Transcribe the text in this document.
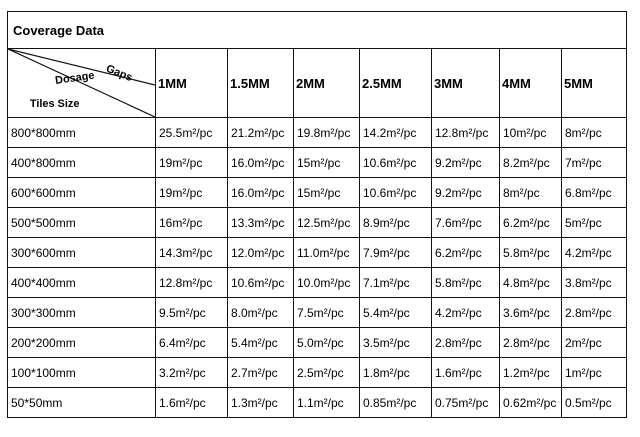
Coverage Data							

Gaps
Dosage
Tiles Size	1MM	1.5MM	2MM	2.5MM	3MM	4MM	5MM
800*800mm	25.5m²/pc	21.2m²/pc	19.8m²/pc	14.2m²/pc	12.8m²/pc	10m²/pc	8m²/pc
400*800mm	19m²/pc	16.0m²/pc	15m²/pc	10.6m²/pc	9.2m²/pc	8.2m²/pc	7m²/pc
600*600mm	19m²/pc	16.0m²/pc	15m²/pc	10.6m²/pc	9.2m²/pc	8m²/pc	6.8m²/pc
500*500mm	16m²/pc	13.3m²/pc	12.5m²/pc	8.9m²/pc	7.6m²/pc	6.2m²/pc	5m²/pc
300*600mm	14.3m²/pc	12.0m²/pc	11.0m²/pc	7.9m²/pc	6.2m²/pc	5.8m²/pc	4.2m²/pc
400*400mm	12.8m²/pc	10.6m²/pc	10.0m²/pc	7.1m²/pc	5.8m²/pc	4.8m²/pc	3.8m²/pc
300*300mm	9.5m²/pc	8.0m²/pc	7.5m²/pc	5.4m²/pc	4.2m²/pc	3.6m²/pc	2.8m²/pc
200*200mm	6.4m²/pc	5.4m²/pc	5.0m²/pc	3.5m²/pc	2.8m²/pc	2.8m²/pc	2m²/pc
100*100mm	3.2m²/pc	2.7m²/pc	2.5m²/pc	1.8m²/pc	1.6m²/pc	1.2m²/pc	1m²/pc
50*50mm	1.6m²/pc	1.3m²/pc	1.1m²/pc	0.85m²/pc	0.75m²/pc	0.62m²/pc	0.5m²/pc
